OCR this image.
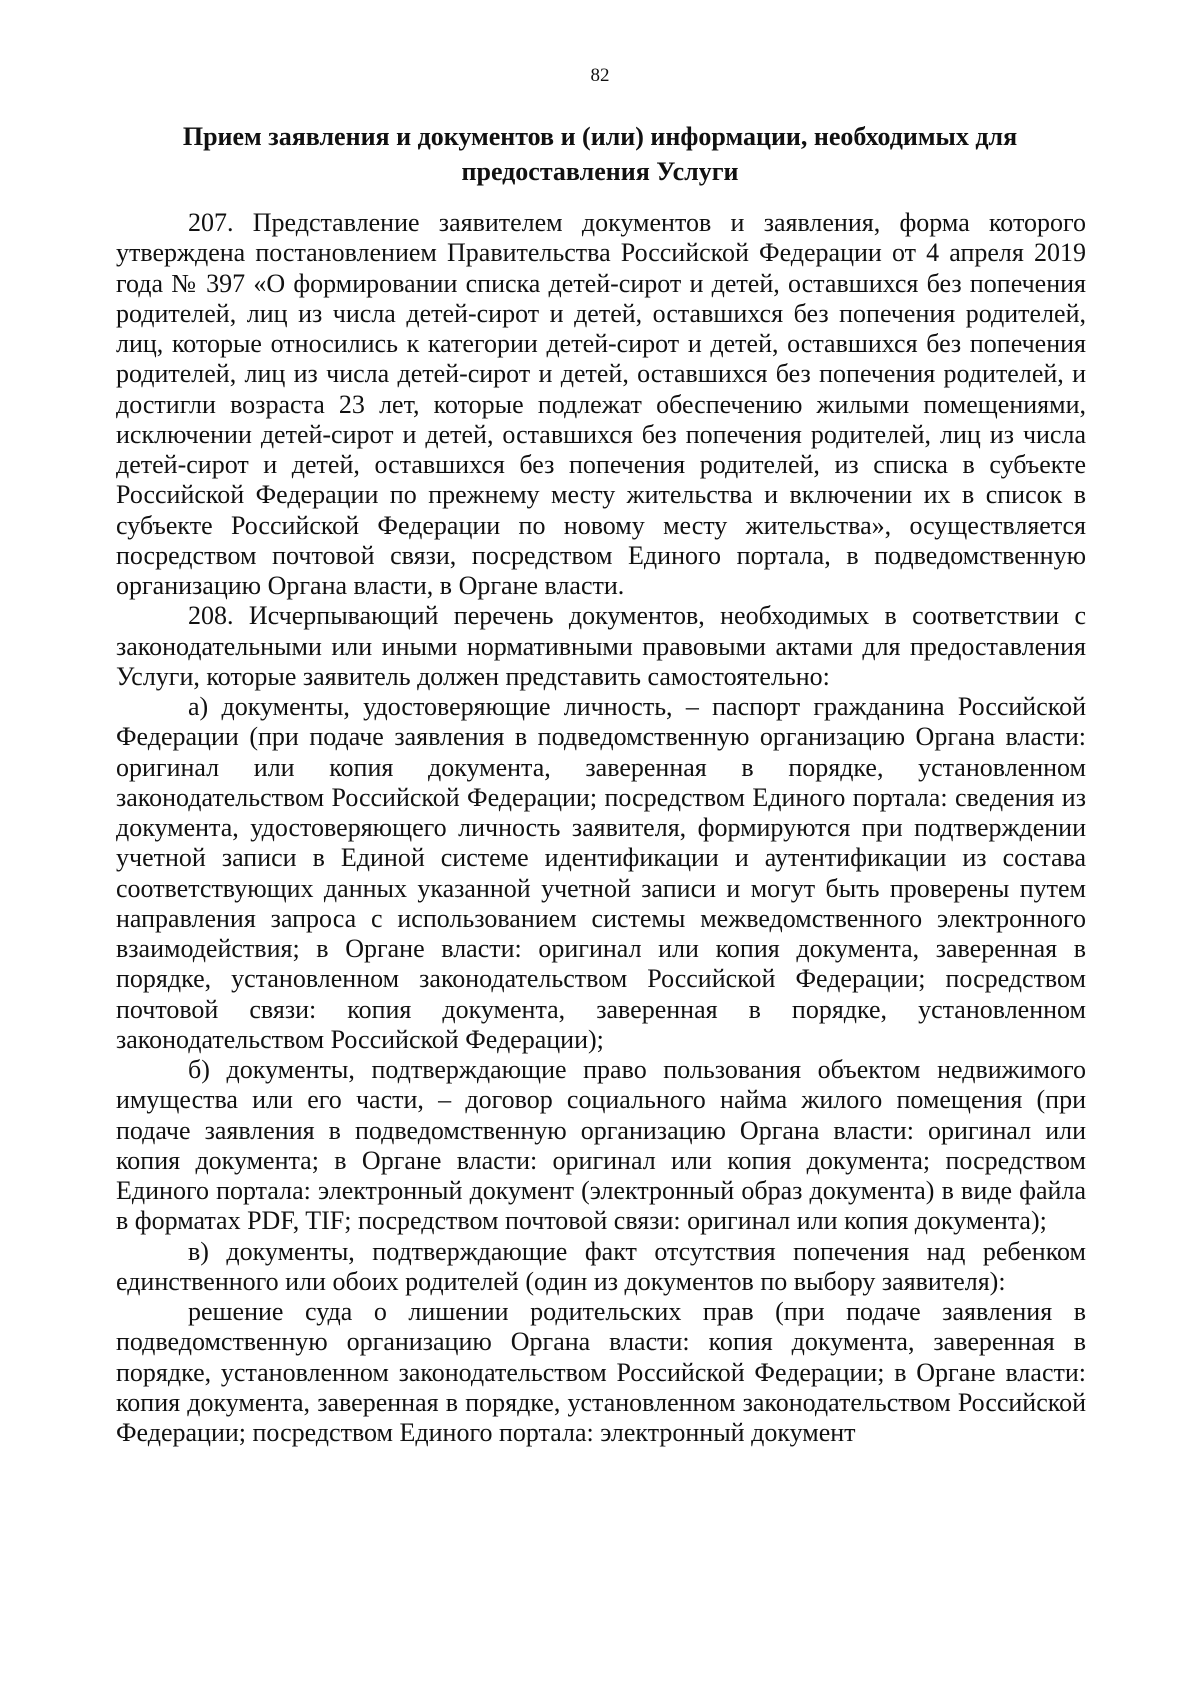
82
Прием заявления и документов и (или) информации, необходимых для предоставления Услуги

207. Представление заявителем документов и заявления, форма которого утверждена постановлением Правительства Российской Федерации от 4 апреля 2019 года № 397 «О формировании списка детей-сирот и детей, оставшихся без попечения родителей, лиц из числа детей-сирот и детей, оставшихся без попечения родителей, лиц, которые относились к категории детей-сирот и детей, оставшихся без попечения родителей, лиц из числа детей-сирот и детей, оставшихся без попечения родителей, и достигли возраста 23 лет, которые подлежат обеспечению жилыми помещениями, исключении детей-сирот и детей, оставшихся без попечения родителей, лиц из числа детей-сирот и детей, оставшихся без попечения родителей, из списка в субъекте Российской Федерации по прежнему месту жительства и включении их в список в субъекте Российской Федерации по новому месту жительства», осуществляется посредством почтовой связи, посредством Единого портала, в подведомственную организацию Органа власти, в Органе власти.

208. Исчерпывающий перечень документов, необходимых в соответствии с законодательными или иными нормативными правовыми актами для предоставления Услуги, которые заявитель должен представить самостоятельно:

а) документы, удостоверяющие личность, – паспорт гражданина Российской Федерации (при подаче заявления в подведомственную организацию Органа власти: оригинал или копия документа, заверенная в порядке, установленном законодательством Российской Федерации; посредством Единого портала: сведения из документа, удостоверяющего личность заявителя, формируются при подтверждении учетной записи в Единой системе идентификации и аутентификации из состава соответствующих данных указанной учетной записи и могут быть проверены путем направления запроса с использованием системы межведомственного электронного взаимодействия; в Органе власти: оригинал или копия документа, заверенная в порядке, установленном законодательством Российской Федерации; посредством почтовой связи: копия документа, заверенная в порядке, установленном законодательством Российской Федерации);

б) документы, подтверждающие право пользования объектом недвижимого имущества или его части, – договор социального найма жилого помещения (при подаче заявления в подведомственную организацию Органа власти: оригинал или копия документа; в Органе власти: оригинал или копия документа; посредством Единого портала: электронный документ (электронный образ документа) в виде файла в форматах PDF, TIF; посредством почтовой связи: оригинал или копия документа);

в) документы, подтверждающие факт отсутствия попечения над ребенком единственного или обоих родителей (один из документов по выбору заявителя):

решение суда о лишении родительских прав (при подаче заявления в подведомственную организацию Органа власти: копия документа, заверенная в порядке, установленном законодательством Российской Федерации; в Органе власти: копия документа, заверенная в порядке, установленном законодательством Российской Федерации; посредством Единого портала: электронный документ
